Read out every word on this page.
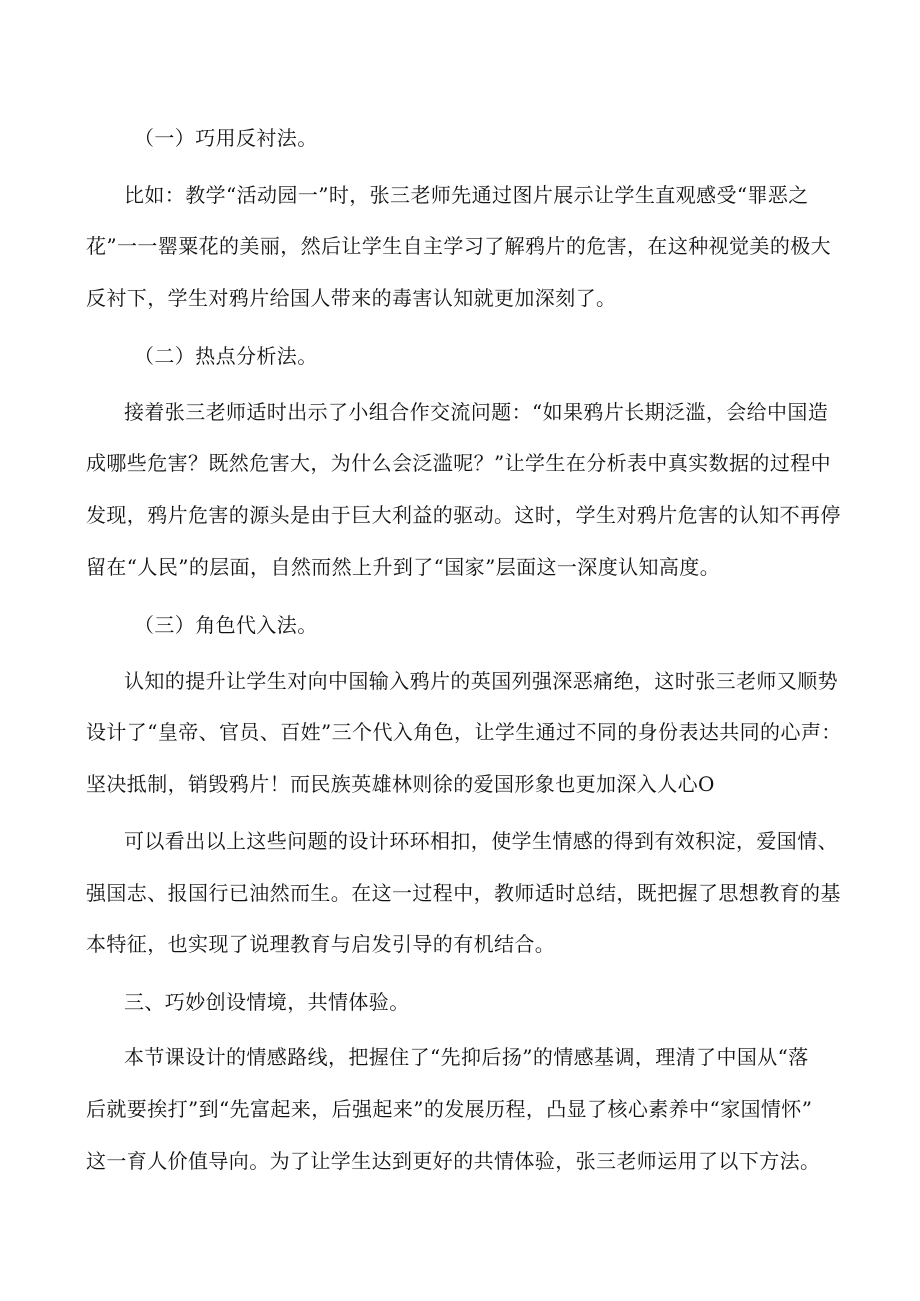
（一）巧用反衬法。
比如：教学“活动园一”时，张三老师先通过图片展示让学生直观感受“罪恶之
花”一一罂粟花的美丽，然后让学生自主学习了解鸦片的危害，在这种视觉美的极大
反衬下，学生对鸦片给国人带来的毒害认知就更加深刻了。
（二）热点分析法。
接着张三老师适时出示了小组合作交流问题：“如果鸦片长期泛滥，会给中国造
成哪些危害？既然危害大，为什么会泛滥呢？”让学生在分析表中真实数据的过程中
发现，鸦片危害的源头是由于巨大利益的驱动。这时，学生对鸦片危害的认知不再停
留在“人民”的层面，自然而然上升到了“国家”层面这一深度认知高度。
（三）角色代入法。
认知的提升让学生对向中国输入鸦片的英国列强深恶痛绝，这时张三老师又顺势
设计了“皇帝、官员、百姓”三个代入角色，让学生通过不同的身份表达共同的心声：
坚决抵制，销毁鸦片！而民族英雄林则徐的爱国形象也更加深入人心O
可以看出以上这些问题的设计环环相扣，使学生情感的得到有效积淀，爱国情、
强国志、报国行已油然而生。在这一过程中，教师适时总结，既把握了思想教育的基
本特征，也实现了说理教育与启发引导的有机结合。
三、巧妙创设情境，共情体验。
本节课设计的情感路线，把握住了“先抑后扬”的情感基调，理清了中国从“落
后就要挨打”到“先富起来，后强起来”的发展历程，凸显了核心素养中“家国情怀”
这一育人价值导向。为了让学生达到更好的共情体验，张三老师运用了以下方法。
